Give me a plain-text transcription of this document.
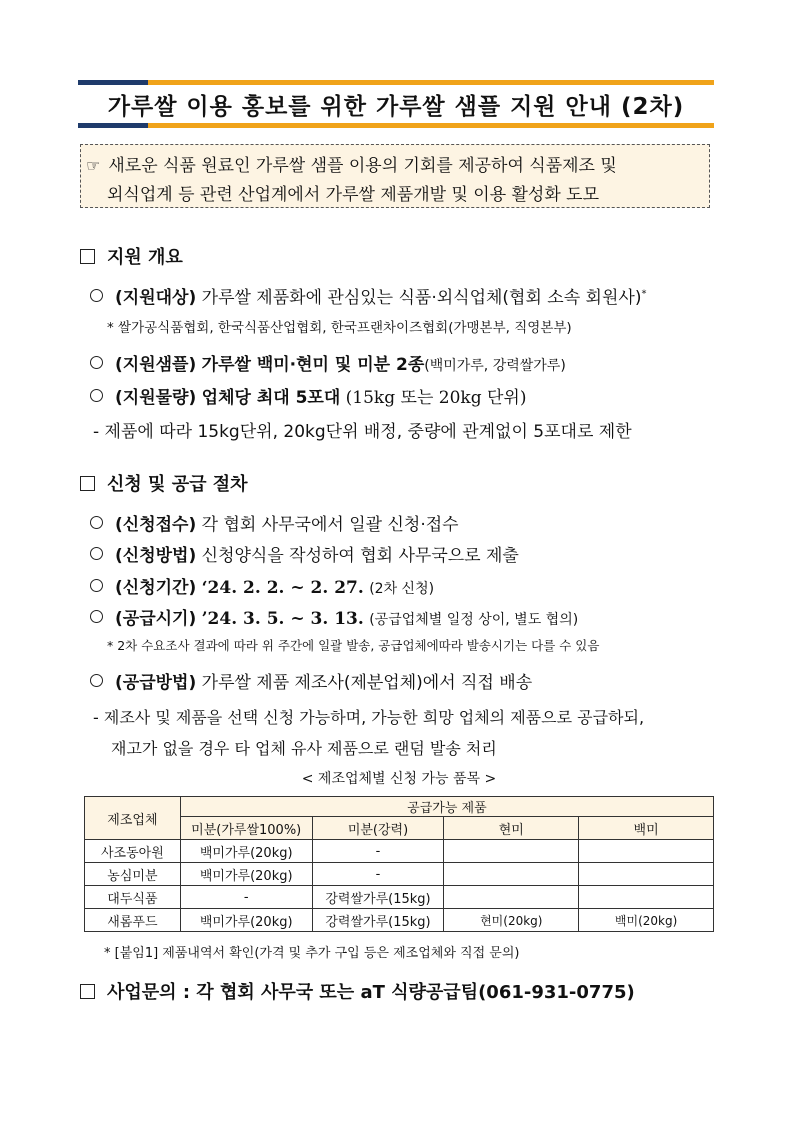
가루쌀 이용 홍보를 위한 가루쌀 샘플 지원 안내 (2차)
☞ 새로운 식품 원료인 가루쌀 샘플 이용의 기회를 제공하여 식품제조 및
외식업계 등 관련 산업계에서 가루쌀 제품개발 및 이용 활성화 도모
지원 개요
(지원대상) 가루쌀 제품화에 관심있는 식품·외식업체(협회 소속 회원사)*
* 쌀가공식품협회, 한국식품산업협회, 한국프랜차이즈협회(가맹본부, 직영본부)
(지원샘플) 가루쌀 백미·현미 및 미분 2종(백미가루, 강력쌀가루)
(지원물량) 업체당 최대 5포대 (15kg 또는 20kg 단위)
- 제품에 따라 15kg단위, 20kg단위 배정, 중량에 관계없이 5포대로 제한
신청 및 공급 절차
(신청접수) 각 협회 사무국에서 일괄 신청·접수
(신청방법) 신청양식을 작성하여 협회 사무국으로 제출
(신청기간) ‘24. 2. 2. ~ 2. 27. (2차 신청)
(공급시기) ’24. 3. 5. ~ 3. 13. (공급업체별 일정 상이, 별도 협의)
* 2차 수요조사 결과에 따라 위 주간에 일괄 발송, 공급업체에따라 발송시기는 다를 수 있음
(공급방법) 가루쌀 제품 제조사(제분업체)에서 직접 배송
- 제조사 및 제품을 선택 신청 가능하며, 가능한 희망 업체의 제품으로 공급하되,
재고가 없을 경우 타 업체 유사 제품으로 랜덤 발송 처리
< 제조업체별 신청 가능 품목 >
제조업체	공급가능 제품			
	미분(가루쌀100%)	미분(강력)	현미	백미
사조동아원	백미가루(20kg)	-		
농심미분	백미가루(20kg)	-		
대두식품	-	강력쌀가루(15kg)		
새롬푸드	백미가루(20kg)	강력쌀가루(15kg)	현미(20kg)	백미(20kg)
* [붙임1] 제품내역서 확인(가격 및 추가 구입 등은 제조업체와 직접 문의)
사업문의 : 각 협회 사무국 또는 aT 식량공급팀(061-931-0775)
